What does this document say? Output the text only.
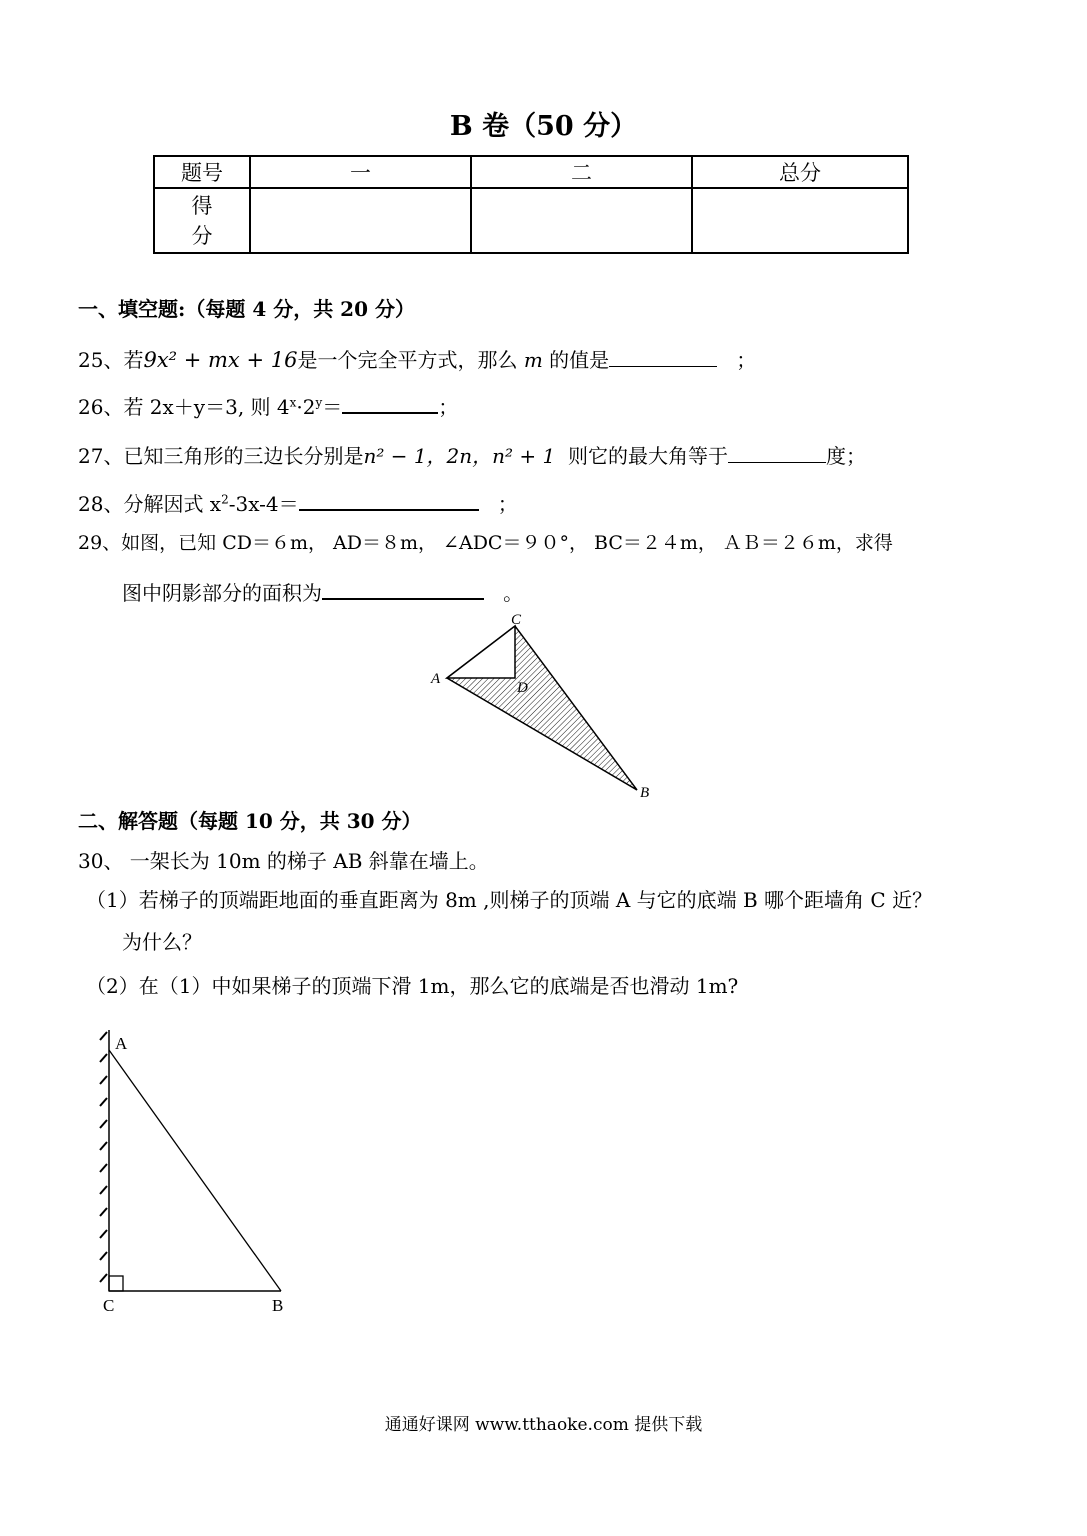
B 卷（50 分）
题号	一	二	总分
得分			
一、填空题:（每题 4 分，共 20 分）
25、若9x² + mx + 16是一个完全平方式，那么 m 的值是	；
26、若 2x＋y＝3, 则 $4^x\cdot 2^y=$	；
27、已知三角形的三边长分别是n² − 1，2n，n² + 1 则它的最大角等于	度；
28、分解因式 $x^2-3x-4=$	；
29、如图，已知 CD＝６m， AD＝８m， ∠ADC＝９０°， BC＝２４m， ＡＢ＝２６m，求得
图中阴影部分的面积为	。
C
A
D
B
二、解答题（每题 10 分，共 30 分）
30、 一架长为 10m 的梯子 AB 斜靠在墙上。
（1）若梯子的顶端距地面的垂直距离为 8m ,则梯子的顶端 A 与它的底端 B 哪个距墙角 C 近？
为什么？
（2）在（1）中如果梯子的顶端下滑 1m，那么它的底端是否也滑动 1m?
A
C	B
通通好课网 www.tthaoke.com 提供下载
